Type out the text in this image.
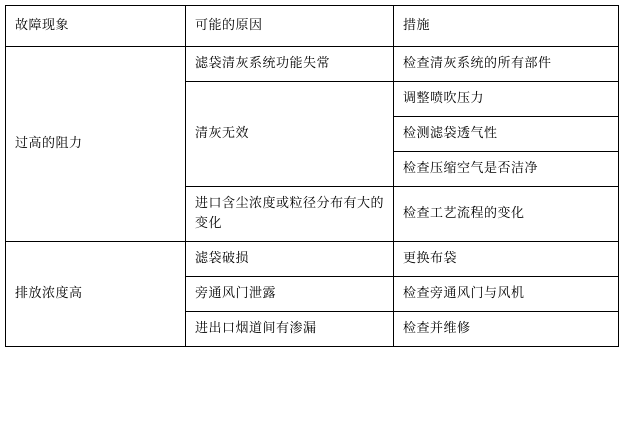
故障现象	可能的原因	措施
过高的阻力	滤袋清灰系统功能失常	检查清灰系统的所有部件
	清灰无效	调整喷吹压力
		检测滤袋透气性
		检查压缩空气是否洁净
	进口含尘浓度或粒径分布有大的变化	检查工艺流程的变化
排放浓度高	滤袋破损	更换布袋
	旁通风门泄露	检查旁通风门与风机
	进出口烟道间有渗漏	检查并维修
